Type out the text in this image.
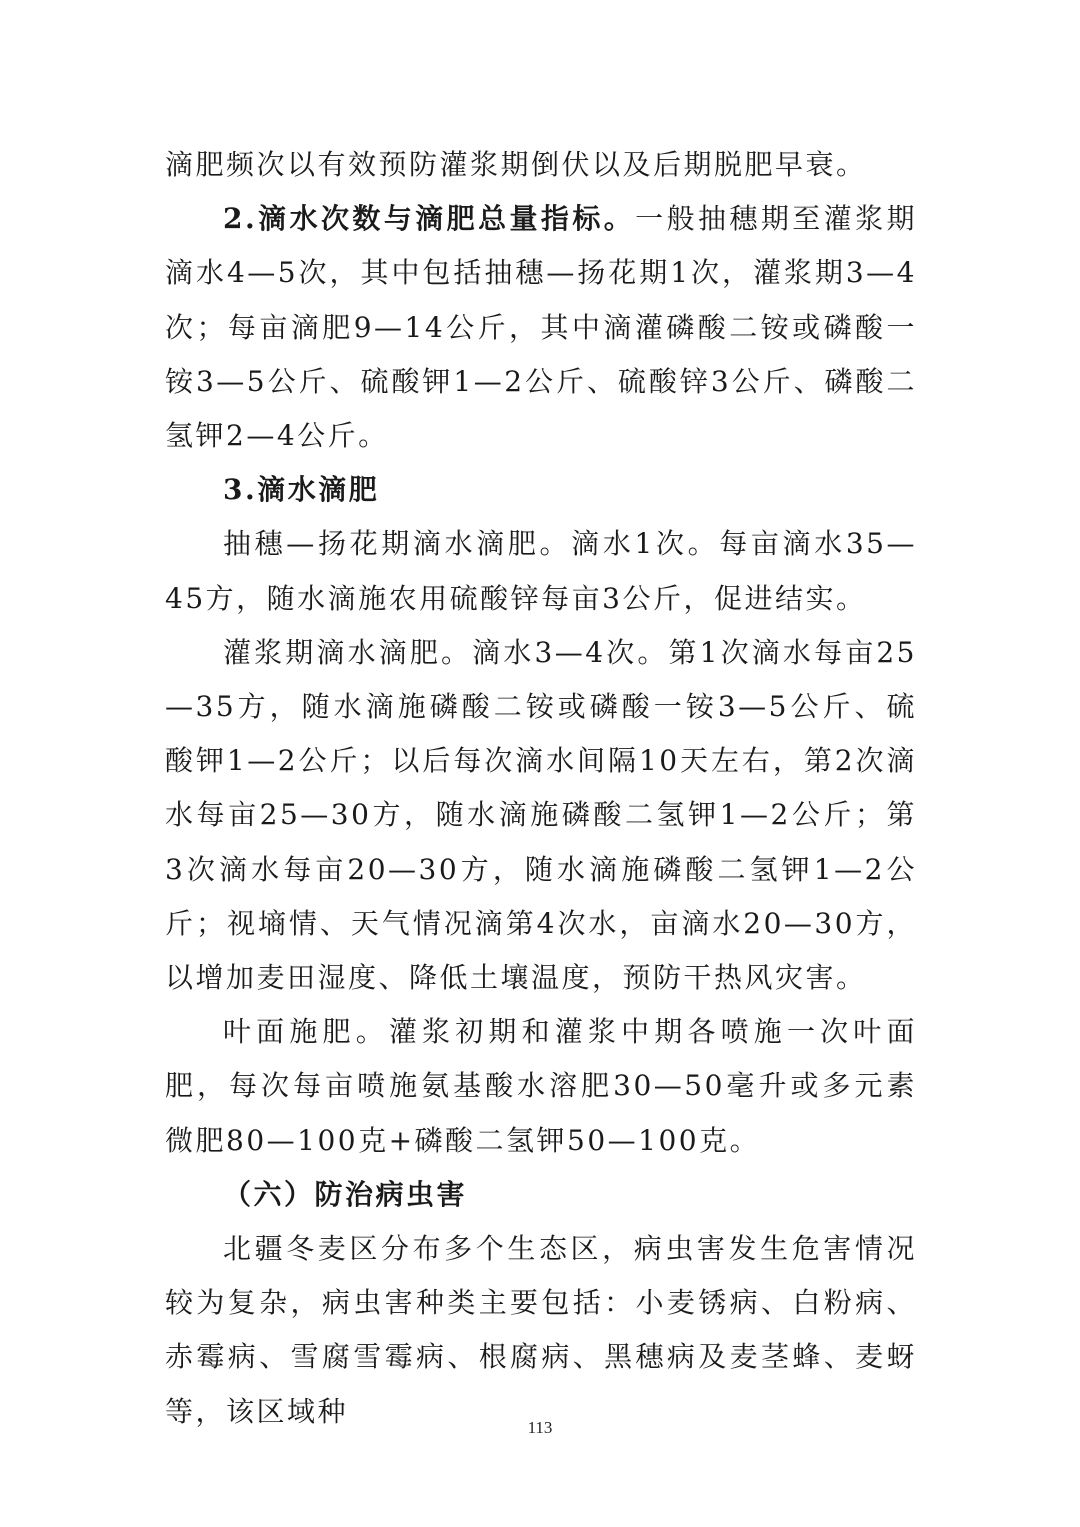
滴肥频次以有效预防灌浆期倒伏以及后期脱肥早衰。

2.滴水次数与滴肥总量指标。一般抽穗期至灌浆期滴水4—5次，其中包括抽穗—扬花期1次，灌浆期3—4次；每亩滴肥9—14公斤，其中滴灌磷酸二铵或磷酸一铵3—5公斤、硫酸钾1—2公斤、硫酸锌3公斤、磷酸二氢钾2—4公斤。

3.滴水滴肥

抽穗—扬花期滴水滴肥。滴水1次。每亩滴水35—45方，随水滴施农用硫酸锌每亩3公斤，促进结实。

灌浆期滴水滴肥。滴水3—4次。第1次滴水每亩25—35方，随水滴施磷酸二铵或磷酸一铵3—5公斤、硫酸钾1—2公斤；以后每次滴水间隔10天左右，第2次滴水每亩25—30方，随水滴施磷酸二氢钾1—2公斤；第3次滴水每亩20—30方，随水滴施磷酸二氢钾1—2公斤；视墒情、天气情况滴第4次水，亩滴水20—30方，以增加麦田湿度、降低土壤温度，预防干热风灾害。

叶面施肥。灌浆初期和灌浆中期各喷施一次叶面肥，每次每亩喷施氨基酸水溶肥30—50毫升或多元素微肥80—100克+磷酸二氢钾50—100克。

（六）防治病虫害

北疆冬麦区分布多个生态区，病虫害发生危害情况较为复杂，病虫害种类主要包括：小麦锈病、白粉病、赤霉病、雪腐雪霉病、根腐病、黑穗病及麦茎蜂、麦蚜等，该区域种	113
